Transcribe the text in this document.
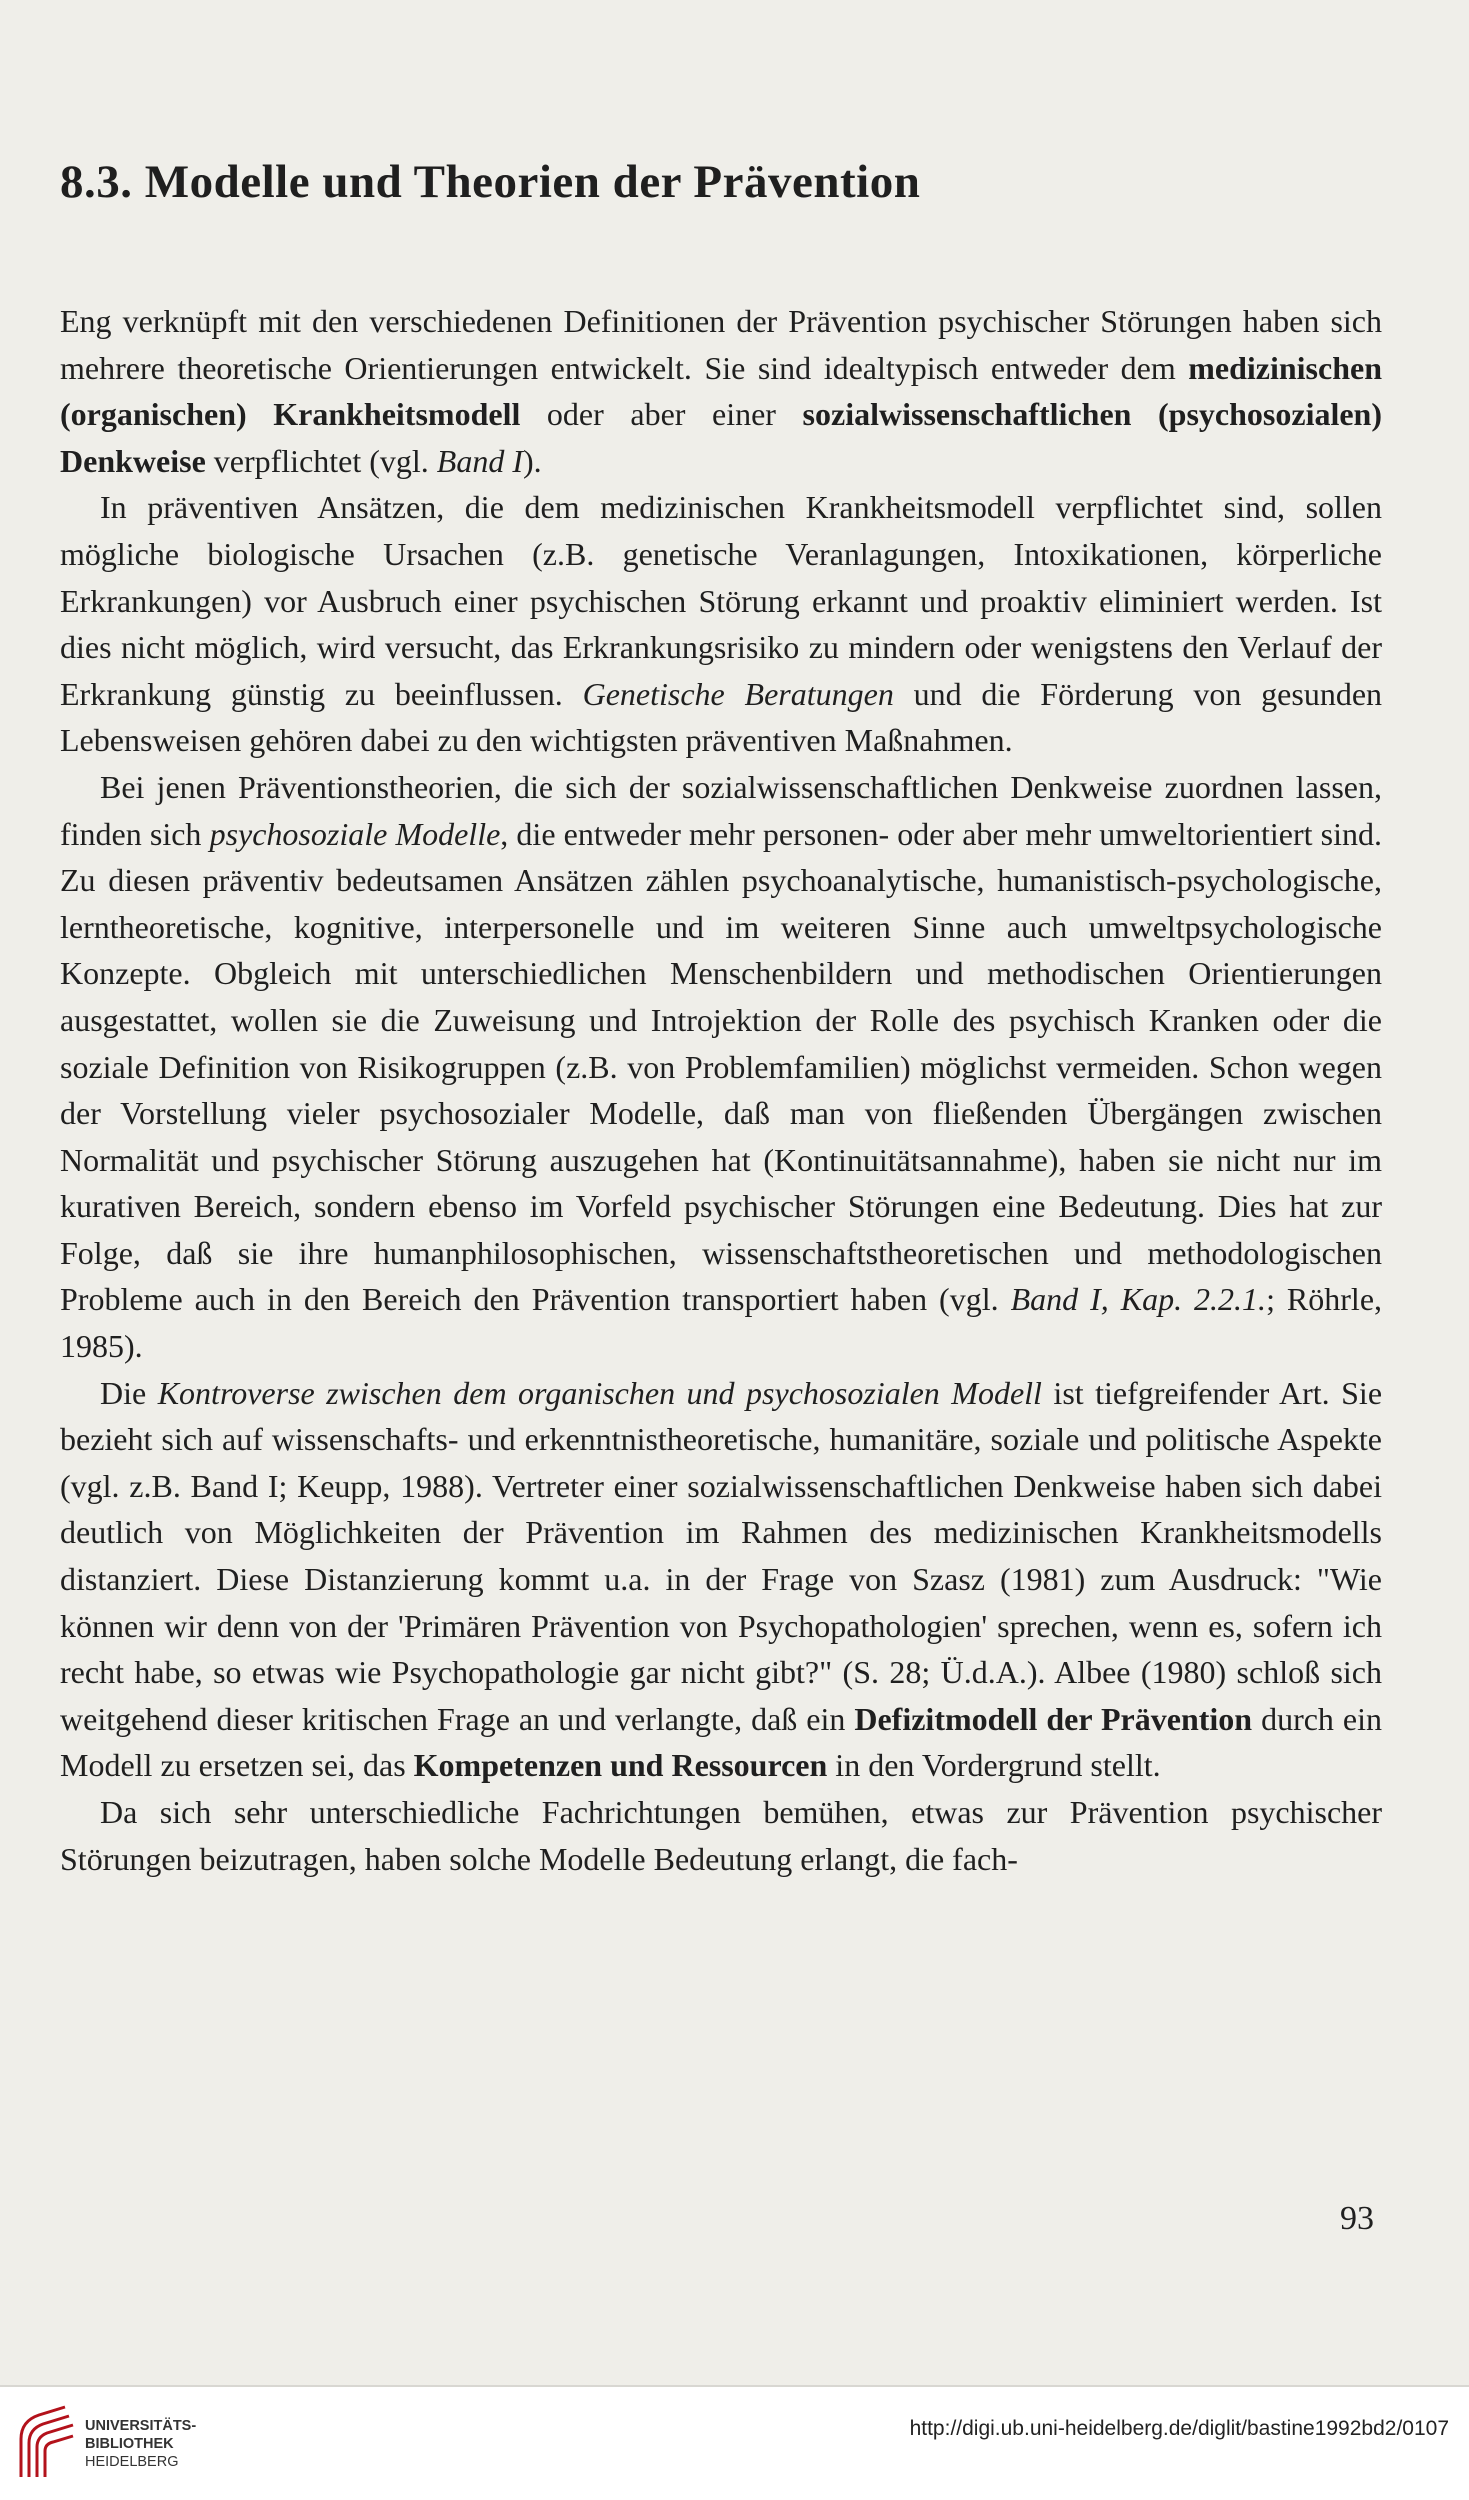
8.3. Modelle und Theorien der Prävention

Eng verknüpft mit den verschiedenen Definitionen der Prävention psychischer Störungen haben sich mehrere theoretische Orientierungen entwickelt. Sie sind idealtypisch entweder dem medizinischen (organischen) Krankheitsmodell oder aber einer sozialwissenschaftlichen (psychosozialen) Denkweise verpflichtet (vgl. Band I).

In präventiven Ansätzen, die dem medizinischen Krankheitsmodell verpflichtet sind, sollen mögliche biologische Ursachen (z.B. genetische Veranlagungen, Intoxikationen, körperliche Erkrankungen) vor Ausbruch einer psychischen Störung erkannt und proaktiv eliminiert werden. Ist dies nicht möglich, wird versucht, das Erkrankungsrisiko zu mindern oder wenigstens den Verlauf der Erkrankung günstig zu beeinflussen. Genetische Beratungen und die Förderung von gesunden Lebensweisen gehören dabei zu den wichtigsten präventiven Maßnahmen.

Bei jenen Präventionstheorien, die sich der sozialwissenschaftlichen Denkweise zuordnen lassen, finden sich psychosoziale Modelle, die entweder mehr personen- oder aber mehr umweltorientiert sind. Zu diesen präventiv bedeutsamen Ansätzen zählen psychoanalytische, humanistisch-psychologische, lerntheoretische, kognitive, interpersonelle und im weiteren Sinne auch umweltpsychologische Konzepte. Obgleich mit unterschiedlichen Menschenbildern und methodischen Orientierungen ausgestattet, wollen sie die Zuweisung und Introjektion der Rolle des psychisch Kranken oder die soziale Definition von Risikogruppen (z.B. von Problemfamilien) möglichst vermeiden. Schon wegen der Vorstellung vieler psychosozialer Modelle, daß man von fließenden Übergängen zwischen Normalität und psychischer Störung auszugehen hat (Kontinuitätsannahme), haben sie nicht nur im kurativen Bereich, sondern ebenso im Vorfeld psychischer Störungen eine Bedeutung. Dies hat zur Folge, daß sie ihre humanphilosophischen, wissenschaftstheoretischen und methodologischen Probleme auch in den Bereich den Prävention transportiert haben (vgl. Band I, Kap. 2.2.1.; Röhrle, 1985).

Die Kontroverse zwischen dem organischen und psychosozialen Modell ist tiefgreifender Art. Sie bezieht sich auf wissenschafts- und erkenntnistheoretische, humanitäre, soziale und politische Aspekte (vgl. z.B. Band I; Keupp, 1988). Vertreter einer sozialwissenschaftlichen Denkweise haben sich dabei deutlich von Möglichkeiten der Prävention im Rahmen des medizinischen Krankheitsmodells distanziert. Diese Distanzierung kommt u.a. in der Frage von Szasz (1981) zum Ausdruck: "Wie können wir denn von der 'Primären Prävention von Psychopathologien' sprechen, wenn es, sofern ich recht habe, so etwas wie Psychopathologie gar nicht gibt?" (S. 28; Ü.d.A.). Albee (1980) schloß sich weitgehend dieser kritischen Frage an und verlangte, daß ein Defizitmodell der Prävention durch ein Modell zu ersetzen sei, das Kompetenzen und Ressourcen in den Vordergrund stellt.

Da sich sehr unterschiedliche Fachrichtungen bemühen, etwas zur Prävention psychischer Störungen beizutragen, haben solche Modelle Bedeutung erlangt, die fach-

93
UNIVERSITÄTS-
BIBLIOTHEK
HEIDELBERG
http://digi.ub.uni-heidelberg.de/diglit/bastine1992bd2/0107
